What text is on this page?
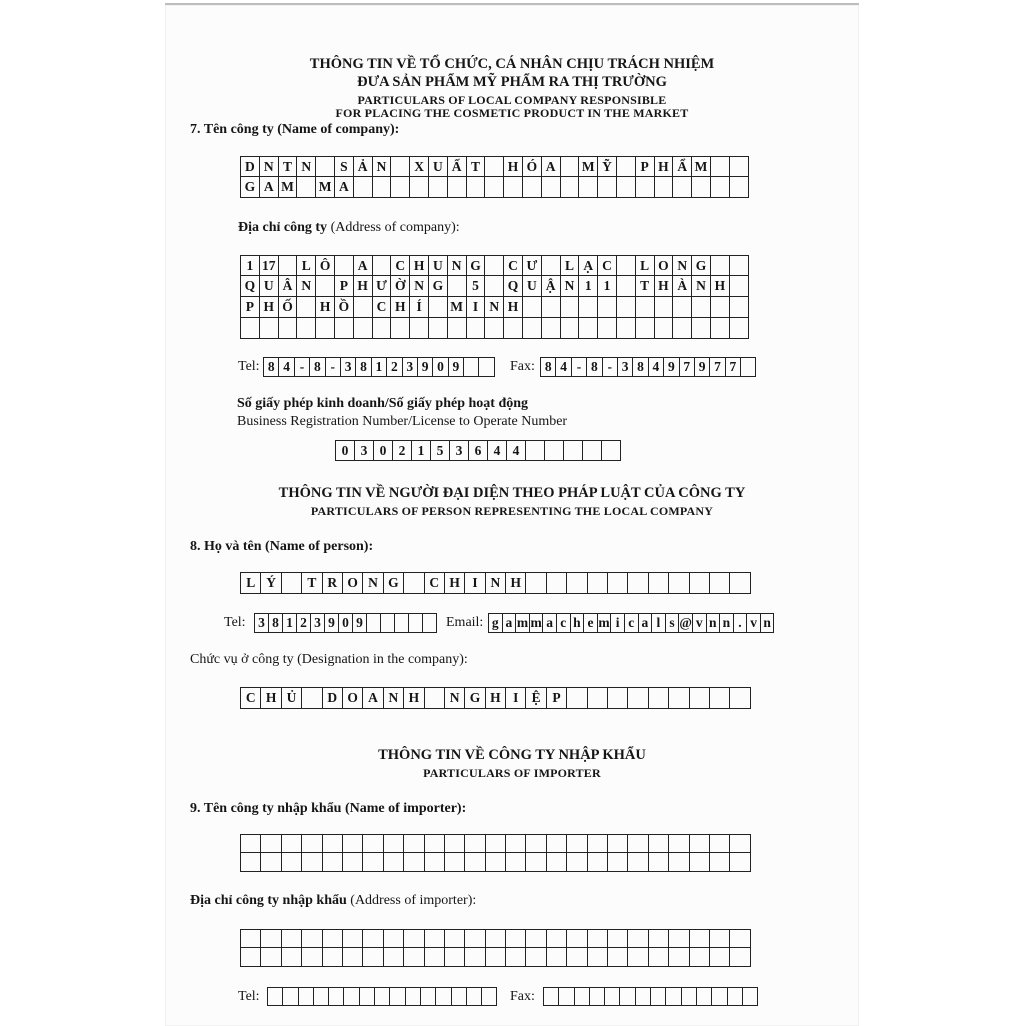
THÔNG TIN VỀ TỔ CHỨC, CÁ NHÂN CHỊU TRÁCH NHIỆM
ĐƯA SẢN PHẨM MỸ PHẨM RA THỊ TRƯỜNG
PARTICULARS OF LOCAL COMPANY RESPONSIBLE
FOR PLACING THE COSMETIC PRODUCT IN THE MARKET
7. Tên công ty (Name of company):
D N T N	S Ả N	X U Ấ T	H Ó A	M Ỹ	P H Ẩ M
G A M M A
Địa chỉ công ty (Address of company):
1 17	L Ô	A	C H U N G	C Ư	L Ạ C	L O N G
Q U Â N	P H Ư Ờ N G	5	Q U Ậ N 1 1	T H À N H
P H Ố	H Ồ	C H Í	M I N H
Tel: 8 4 - 8 - 3 8 1 2 3 9 0 9	Fax: 8 4 - 8 - 3 8 4 9 7 9 7 7
Số giấy phép kinh doanh/Số giấy phép hoạt động
Business Registration Number/License to Operate Number
0 3 0 2 1 5 3 6 4 4
THÔNG TIN VỀ NGƯỜI ĐẠI DIỆN THEO PHÁP LUẬT CỦA CÔNG TY
PARTICULARS OF PERSON REPRESENTING THE LOCAL COMPANY
8. Họ và tên (Name of person):
L Ý	T R O N G	C H I N H
Tel: 3 8 1 2 3 9 0 9	Email: g a m m a c h e m i c a l s @ v n n . v n
Chức vụ ở công ty (Designation in the company):
C H Ủ	D O A N H	N G H I Ệ P
THÔNG TIN VỀ CÔNG TY NHẬP KHẨU
PARTICULARS OF IMPORTER
9. Tên công ty nhập khẩu (Name of importer):
Địa chỉ công ty nhập khẩu (Address of importer):
Tel:	Fax:
